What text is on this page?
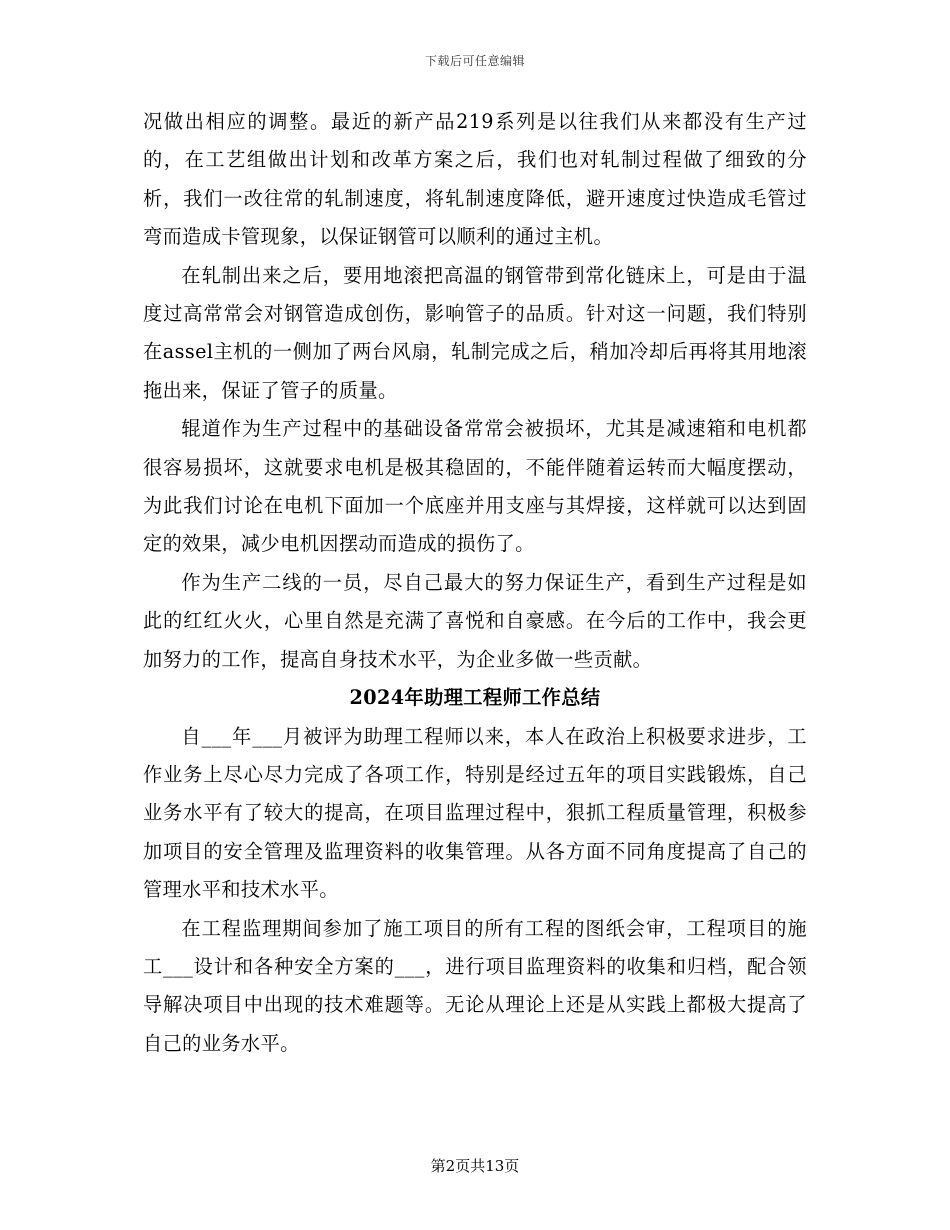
下载后可任意编辑

况做出相应的调整。最近的新产品219系列是以往我们从来都没有生产过的，在工艺组做出计划和改革方案之后，我们也对轧制过程做了细致的分析，我们一改往常的轧制速度，将轧制速度降低，避开速度过快造成毛管过弯而造成卡管现象，以保证钢管可以顺利的通过主机。

在轧制出来之后，要用地滚把高温的钢管带到常化链床上，可是由于温度过高常常会对钢管造成创伤，影响管子的品质。针对这一问题，我们特别在assel主机的一侧加了两台风扇，轧制完成之后，稍加冷却后再将其用地滚拖出来，保证了管子的质量。

辊道作为生产过程中的基础设备常常会被损坏，尤其是减速箱和电机都很容易损坏，这就要求电机是极其稳固的，不能伴随着运转而大幅度摆动，为此我们讨论在电机下面加一个底座并用支座与其焊接，这样就可以达到固定的效果，减少电机因摆动而造成的损伤了。

作为生产二线的一员，尽自己最大的努力保证生产，看到生产过程是如此的红红火火，心里自然是充满了喜悦和自豪感。在今后的工作中，我会更加努力的工作，提高自身技术水平，为企业多做一些贡献。

2024年助理工程师工作总结

自___年___月被评为助理工程师以来，本人在政治上积极要求进步，工作业务上尽心尽力完成了各项工作，特别是经过五年的项目实践锻炼，自己业务水平有了较大的提高，在项目监理过程中，狠抓工程质量管理，积极参加项目的安全管理及监理资料的收集管理。从各方面不同角度提高了自己的管理水平和技术水平。

在工程监理期间参加了施工项目的所有工程的图纸会审，工程项目的施工___设计和各种安全方案的___，进行项目监理资料的收集和归档，配合领导解决项目中出现的技术难题等。无论从理论上还是从实践上都极大提高了自己的业务水平。

第2页共13页
